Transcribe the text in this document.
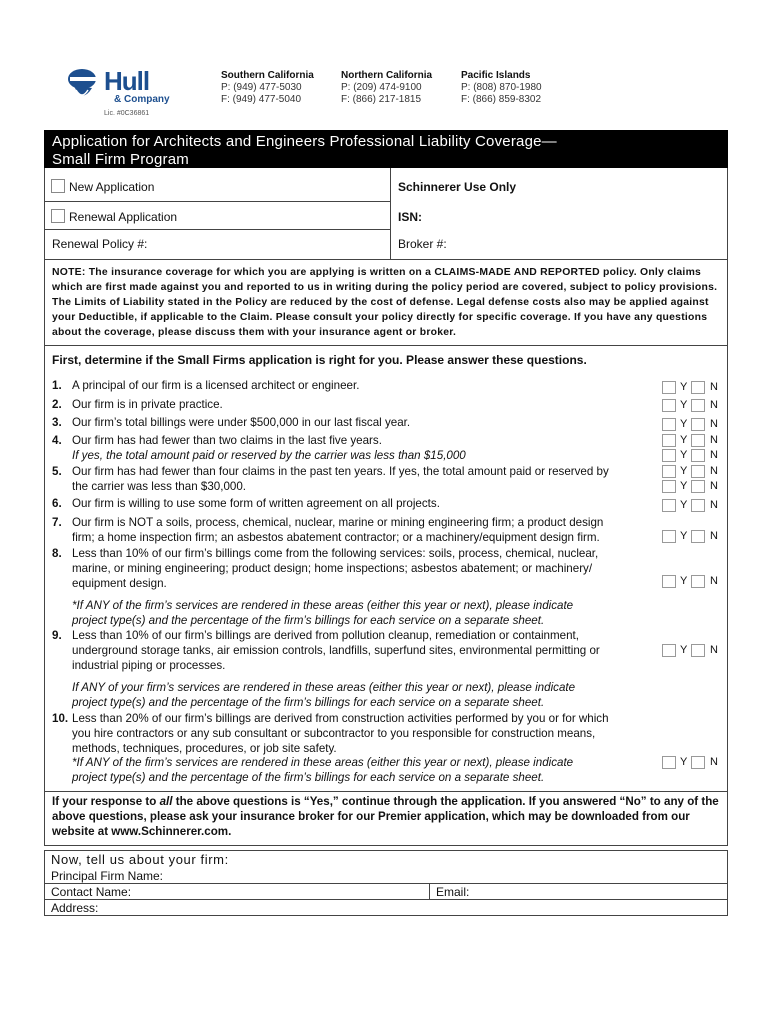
Hull
& Company
Lic. #0C36861
Southern California
P: (949) 477-5030
F: (949) 477-5040
Northern California
P: (209) 474-9100
F: (866) 217-1815
Pacific Islands
P: (808) 870-1980
F: (866) 859-8302
Application for Architects and Engineers Professional Liability Coverage—
Small Firm Program
New Application	Schinnerer Use Only
Renewal Application	ISN:
Renewal Policy #:	Broker #:
NOTE: The insurance coverage for which you are applying is written on a CLAIMS-MADE AND REPORTED policy. Only claims which are first made against you and reported to us in writing during the policy period are covered, subject to policy provisions. The Limits of Liability stated in the Policy are reduced by the cost of defense. Legal defense costs also may be applied against your Deductible, if applicable to the Claim. Please consult your policy directly for specific coverage. If you have any questions about the coverage, please discuss them with your insurance agent or broker.
First, determine if the Small Firms application is right for you. Please answer these questions.
1. A principal of our firm is a licensed architect or engineer.	Y N
2. Our firm is in private practice.	Y N
3. Our firm’s total billings were under $500,000 in our last fiscal year.	Y N
4. Our firm has had fewer than two claims in the last five years.
If yes, the total amount paid or reserved by the carrier was less than $15,000
Y N
Y N
5. Our firm has had fewer than four claims in the past ten years. If yes, the total amount paid or reserved by
the carrier was less than $30,000.
Y N
Y N
6. Our firm is willing to use some form of written agreement on all projects.	Y N
7. Our firm is NOT a soils, process, chemical, nuclear, marine or mining engineering firm; a product design
firm; a home inspection firm; an asbestos abatement contractor; or a machinery/equipment design firm.	Y N
8. Less than 10% of our firm’s billings come from the following services: soils, process, chemical, nuclear,
marine, or mining engineering; product design; home inspections; asbestos abatement; or machinery/
equipment design.	Y N
*If ANY of the firm’s services are rendered in these areas (either this year or next), please indicate
project type(s) and the percentage of the firm’s billings for each service on a separate sheet.
9. Less than 10% of our firm’s billings are derived from pollution cleanup, remediation or containment,
underground storage tanks, air emission controls, landfills, superfund sites, environmental permitting or
industrial piping or processes.
Y N
If ANY of your firm’s services are rendered in these areas (either this year or next), please indicate
project type(s) and the percentage of the firm’s billings for each service on a separate sheet.
10. Less than 20% of our firm’s billings are derived from construction activities performed by you or for which
you hire contractors or any sub consultant or subcontractor to you responsible for construction means,
methods, techniques, procedures, or job site safety.
*If ANY of the firm’s services are rendered in these areas (either this year or next), please indicate
project type(s) and the percentage of the firm’s billings for each service on a separate sheet.
Y N
If your response to all the above questions is “Yes,” continue through the application. If you answered “No” to any of the above questions, please ask your insurance broker for our Premier application, which may be downloaded from our website at www.Schinnerer.com.
Now, tell us about your firm:
Principal Firm Name:
Contact Name:	Email:
Address:
